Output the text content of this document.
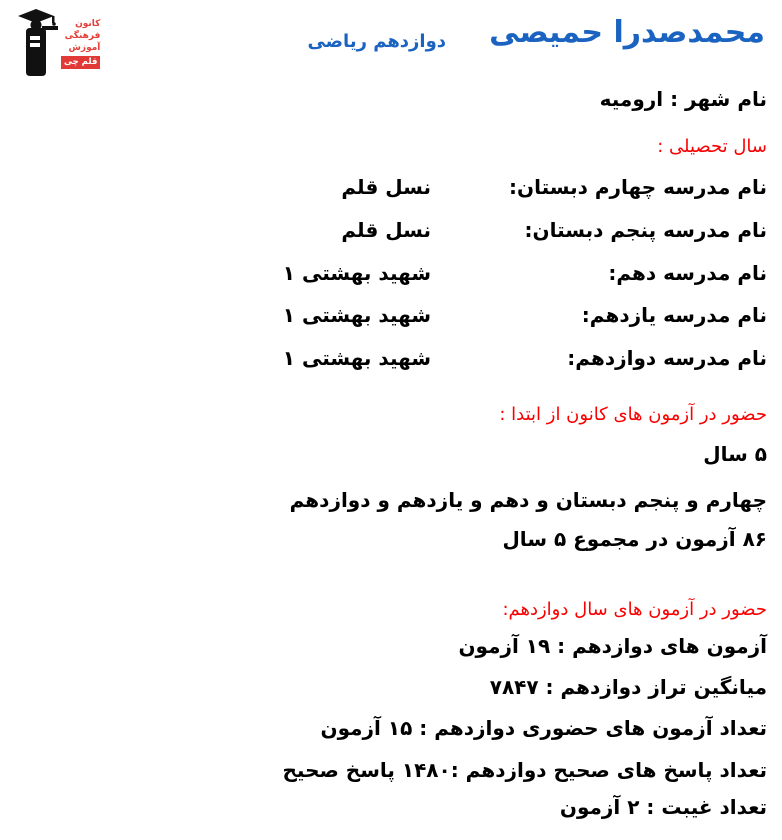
کانون
فرهنگی
آموزش
قلم چی
محمدصدرا حمیصی
دوازدهم ریاضی
نام شهر : ارومیه
سال تحصیلی :
نام مدرسه چهارم دبستان:
نسل قلم
نام مدرسه پنجم دبستان:
نسل قلم
نام مدرسه دهم:
شهید بهشتی ۱
نام مدرسه یازدهم:
شهید بهشتی ۱
نام مدرسه دوازدهم:
شهید بهشتی ۱
حضور در آزمون های کانون از ابتدا :
۵ سال
چهارم و پنجم دبستان و دهم و یازدهم و دوازدهم
۸۶ آزمون در مجموع ۵ سال
حضور در آزمون های سال دوازدهم:
آزمون های دوازدهم : ۱۹ آزمون
میانگین تراز دوازدهم : ۷۸۴۷
تعداد آزمون های حضوری دوازدهم : ۱۵ آزمون
تعداد پاسخ های صحیح دوازدهم :۱۴۸۰ پاسخ صحیح
تعداد غیبت : ۲ آزمون
